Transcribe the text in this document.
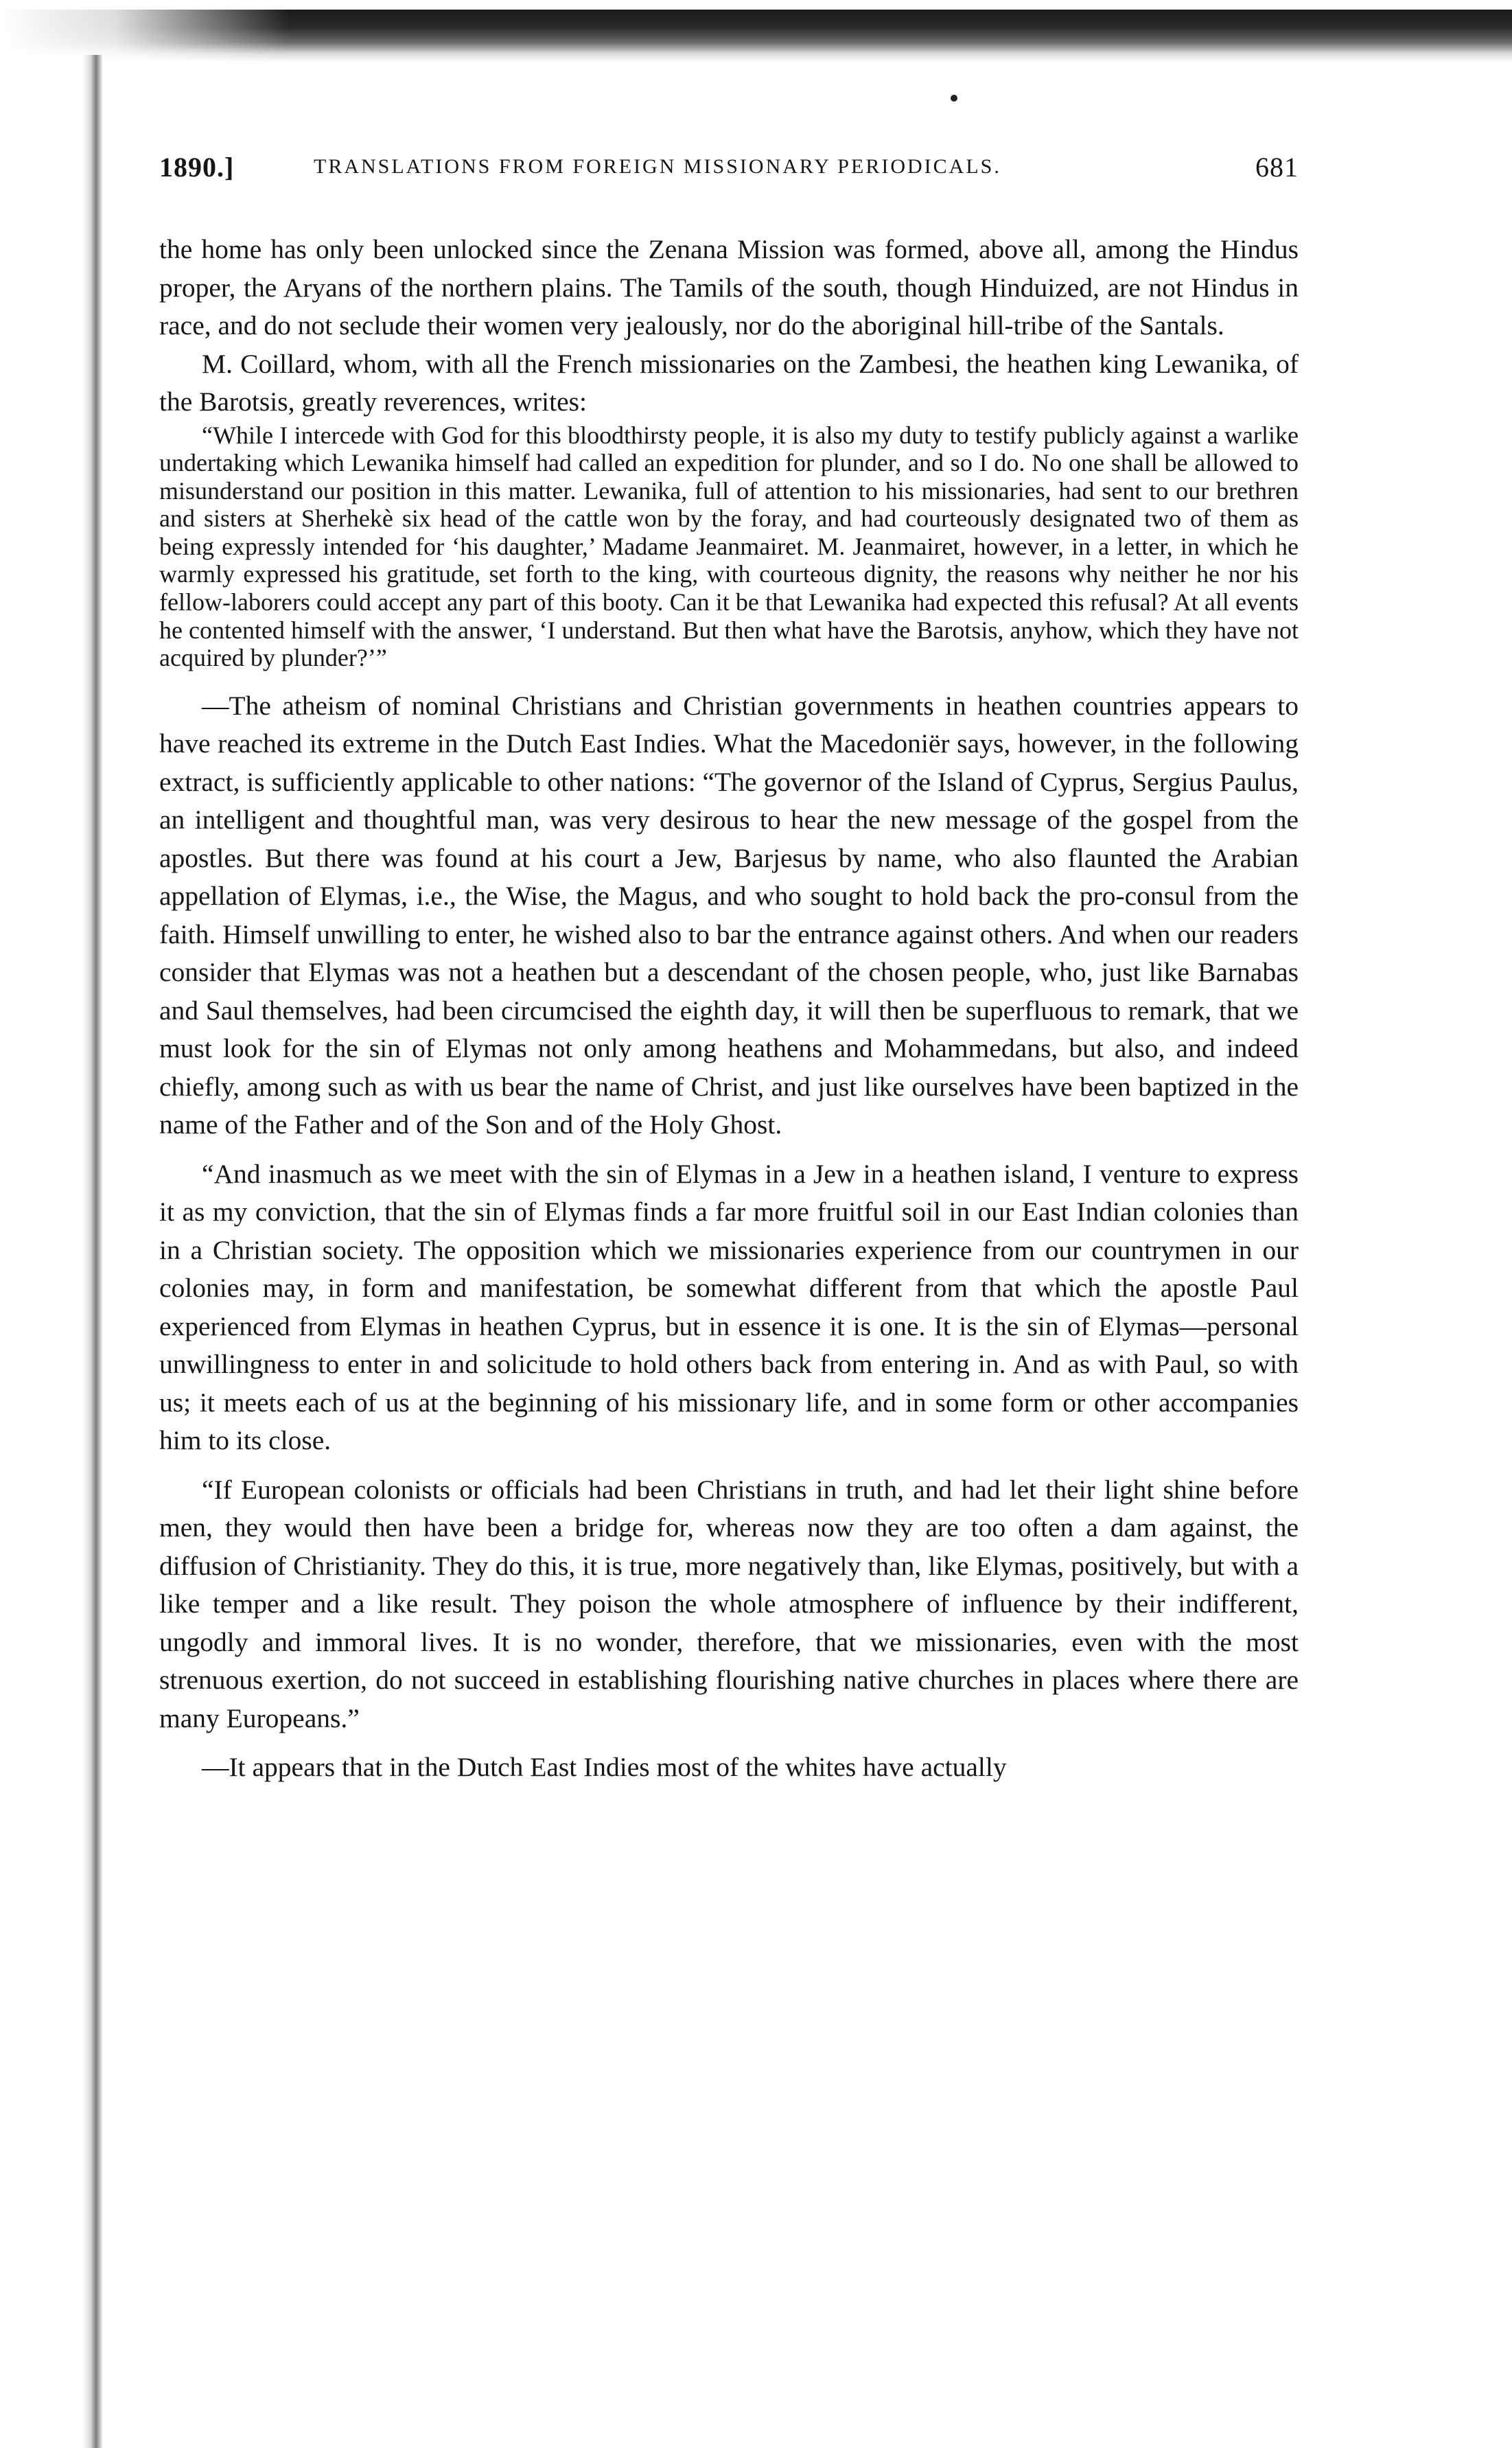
1890.]	TRANSLATIONS FROM FOREIGN MISSIONARY PERIODICALS.	681

the home has only been unlocked since the Zenana Mission was formed, above all, among the Hindus proper, the Aryans of the northern plains. The Tamils of the south, though Hinduized, are not Hindus in race, and do not seclude their women very jealously, nor do the aboriginal hill-tribe of the Santals.

M. Coillard, whom, with all the French missionaries on the Zambesi, the heathen king Lewanika, of the Barotsis, greatly reverences, writes:

“While I intercede with God for this bloodthirsty people, it is also my duty to testify publicly against a warlike undertaking which Lewanika himself had called an expedition for plunder, and so I do. No one shall be allowed to misunderstand our position in this matter. Lewanika, full of attention to his missionaries, had sent to our brethren and sisters at Sherhekè six head of the cattle won by the foray, and had courteously designated two of them as being expressly intended for ‘his daughter,’ Madame Jeanmairet. M. Jeanmairet, however, in a letter, in which he warmly expressed his gratitude, set forth to the king, with courteous dignity, the reasons why neither he nor his fellow-laborers could accept any part of this booty. Can it be that Lewanika had expected this refusal? At all events he contented himself with the answer, ‘I understand. But then what have the Barotsis, anyhow, which they have not acquired by plunder?’”

—The atheism of nominal Christians and Christian governments in heathen countries appears to have reached its extreme in the Dutch East Indies. What the Macedoniër says, however, in the following extract, is sufficiently applicable to other nations: “The governor of the Island of Cyprus, Sergius Paulus, an intelligent and thoughtful man, was very desirous to hear the new message of the gospel from the apostles. But there was found at his court a Jew, Barjesus by name, who also flaunted the Arabian appellation of Elymas, i.e., the Wise, the Magus, and who sought to hold back the pro-consul from the faith. Himself unwilling to enter, he wished also to bar the entrance against others. And when our readers consider that Elymas was not a heathen but a descendant of the chosen people, who, just like Barnabas and Saul themselves, had been circumcised the eighth day, it will then be superfluous to remark, that we must look for the sin of Elymas not only among heathens and Mohammedans, but also, and indeed chiefly, among such as with us bear the name of Christ, and just like ourselves have been baptized in the name of the Father and of the Son and of the Holy Ghost.

“And inasmuch as we meet with the sin of Elymas in a Jew in a heathen island, I venture to express it as my conviction, that the sin of Elymas finds a far more fruitful soil in our East Indian colonies than in a Christian society. The opposition which we missionaries experience from our countrymen in our colonies may, in form and manifestation, be somewhat different from that which the apostle Paul experienced from Elymas in heathen Cyprus, but in essence it is one. It is the sin of Elymas—personal unwillingness to enter in and solicitude to hold others back from entering in. And as with Paul, so with us; it meets each of us at the beginning of his missionary life, and in some form or other accompanies him to its close.

“If European colonists or officials had been Christians in truth, and had let their light shine before men, they would then have been a bridge for, whereas now they are too often a dam against, the diffusion of Christianity. They do this, it is true, more negatively than, like Elymas, positively, but with a like temper and a like result. They poison the whole atmosphere of influence by their indifferent, ungodly and immoral lives. It is no wonder, therefore, that we missionaries, even with the most strenuous exertion, do not succeed in establishing flourishing native churches in places where there are many Europeans.”

—It appears that in the Dutch East Indies most of the whites have actually
